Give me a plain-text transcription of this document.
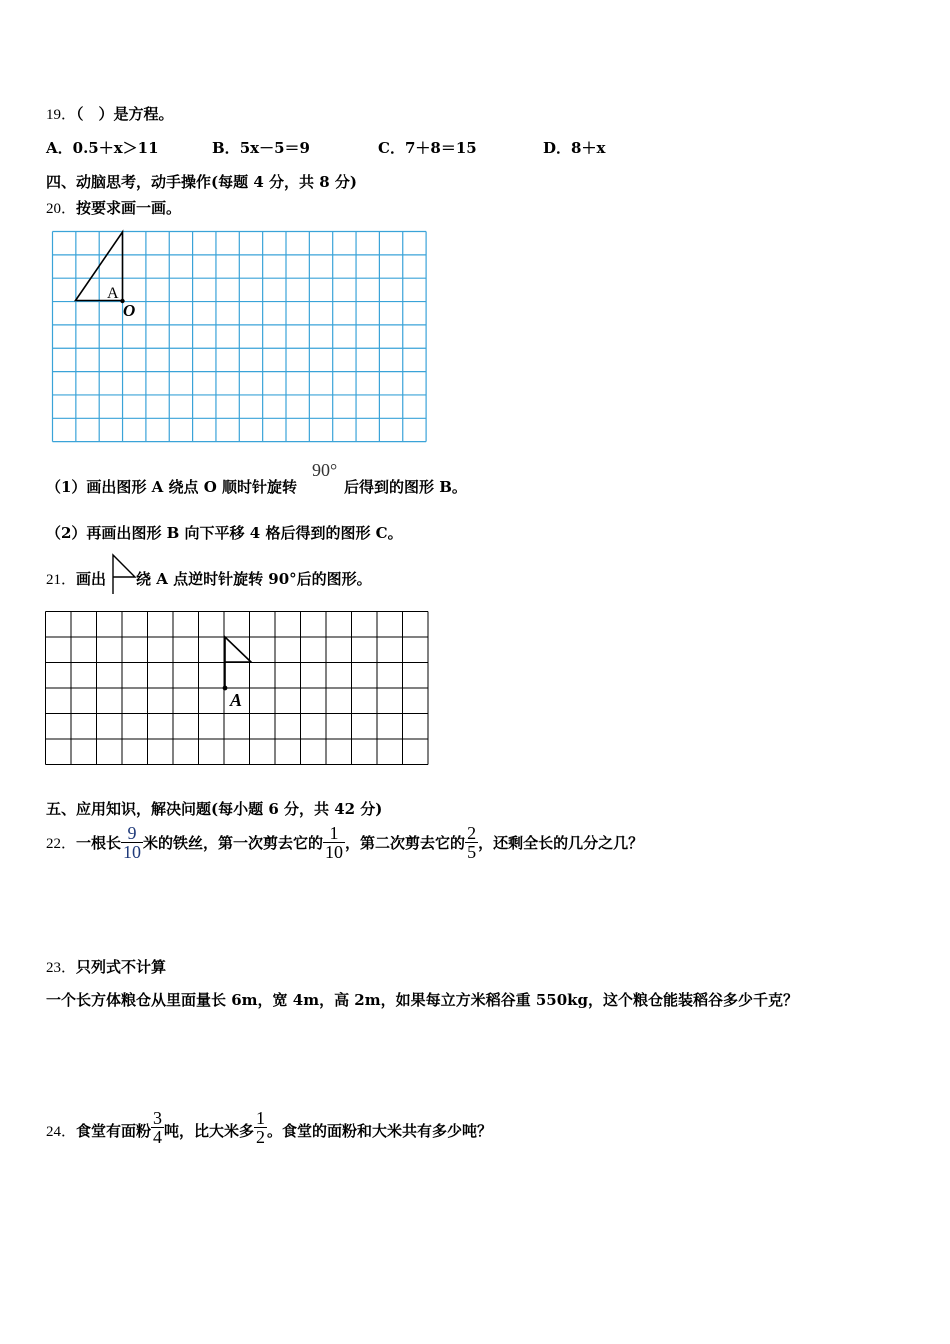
19．（　）是方程。
A．0.5＋x＞11	B．5x－5＝9	C．7＋8＝15	D．8＋x
四、动脑思考，动手操作(每题 4 分，共 8 分)
20．按要求画一画。
A
O
（1）画出图形 A 绕点 O 顺时针旋转
90°
后得到的图形 B。
（2）再画出图形 B 向下平移 4 格后得到的图形 C。
21．画出 绕 A 点逆时针旋转 90°后的图形。
A
五、应用知识，解决问题(每小题 6 分，共 42 分)
22． 一根长 $\frac{9}{10}$ 米的铁丝，第一次剪去它的 $\frac{1}{10}$ ，第二次剪去它的 $\frac{2}{5}$ ，还剩全长的几分之几？
23．只列式不计算
一个长方体粮仓从里面量长 6m，宽 4m，高 2m，如果每立方米稻谷重 550kg，这个粮仓能装稻谷多少千克？
24． 食堂有面粉 $\frac{3}{4}$ 吨，比大米多 $\frac{1}{2}$ 。食堂的面粉和大米共有多少吨？
